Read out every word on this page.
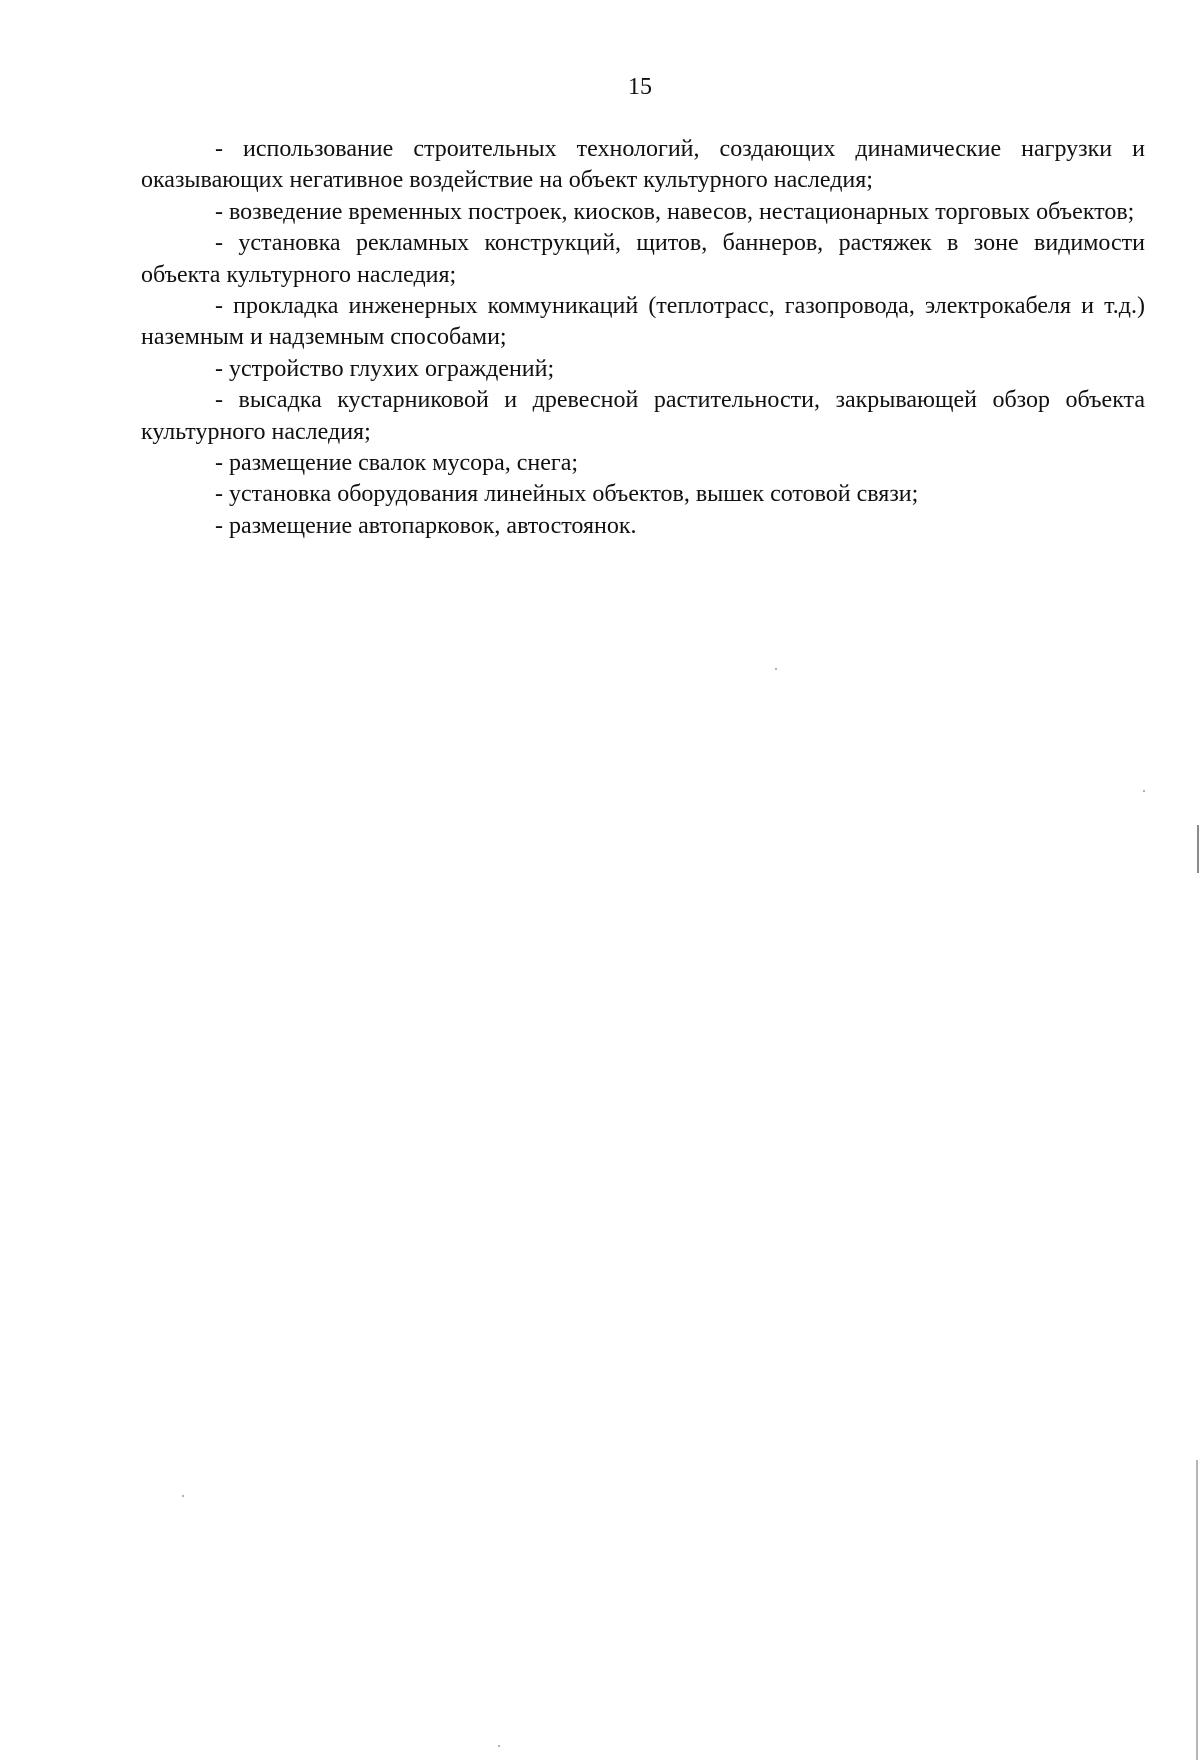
15

- использование строительных технологий, создающих динамические нагрузки и оказывающих негативное воздействие на объект культурного наследия;

- возведение временных построек, киосков, навесов, нестационарных торговых объектов;

- установка рекламных конструкций, щитов, баннеров, растяжек в зоне видимости объекта культурного наследия;

- прокладка инженерных коммуникаций (теплотрасс, газопровода, электрокабеля и т.д.) наземным и надземным способами;

- устройство глухих ограждений;

- высадка кустарниковой и древесной растительности, закрывающей обзор объекта культурного наследия;

- размещение свалок мусора, снега;

- установка оборудования линейных объектов, вышек сотовой связи;

- размещение автопарковок, автостоянок.
